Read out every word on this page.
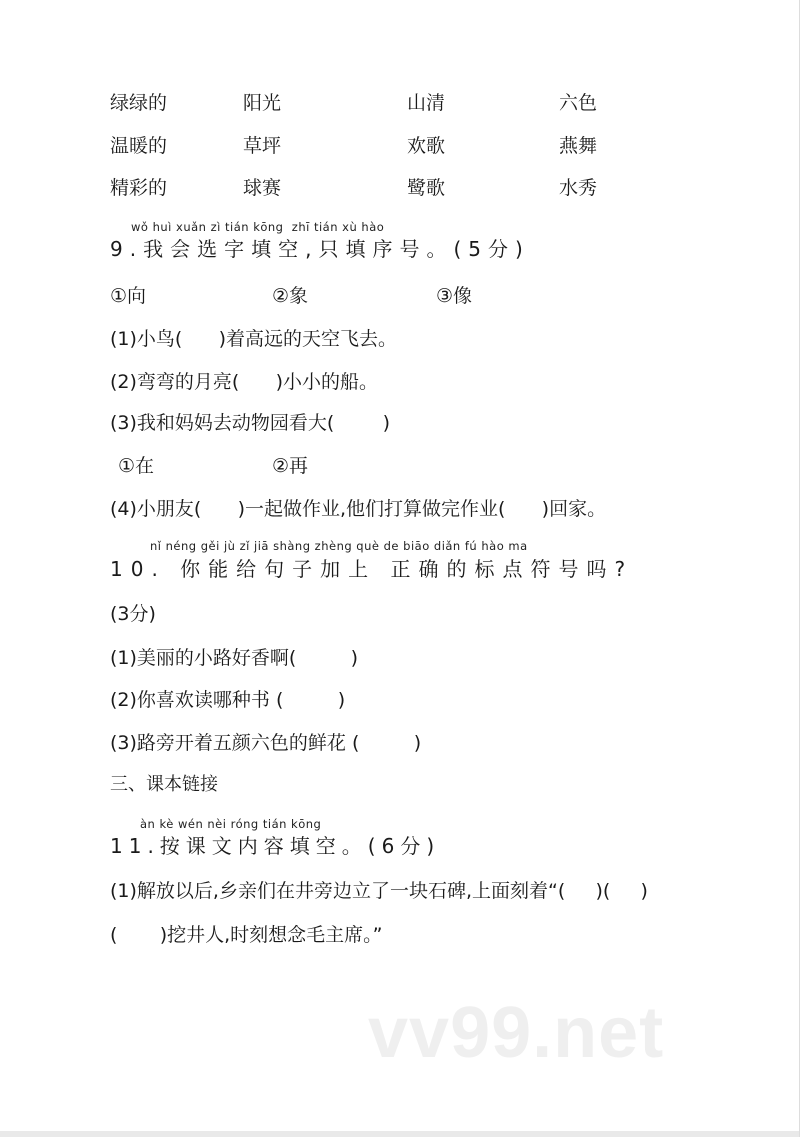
绿绿的	阳光	山清	六色
温暖的	草坪	欢歌	燕舞
精彩的	球赛	鹭歌	水秀
wǒ huì xuǎn zì tián kōng  zhī tián xù hào
9.我会选字填空,只填序号。(5分)
①向	②象	③像
(1)小鸟(      )着高远的天空飞去。
(2)弯弯的月亮(      )小小的船。
(3)我和妈妈去动物园看大(        )
①在	②再
(4)小朋友(      )一起做作业,他们打算做完作业(      )回家。
nǐ néng gěi jù zǐ jiā shàng zhèng què de biāo diǎn fú hào ma
10. 你能给句子加上 正确的标点符号吗?
(3分)
(1)美丽的小路好香啊(         )
(2)你喜欢读哪种书 (         )
(3)路旁开着五颜六色的鲜花 (         )
三、课本链接
àn kè wén nèi róng tián kōng
11.按课文内容填空。(6分)
(1)解放以后,乡亲们在井旁边立了一块石碑,上面刻着“(     )(     )
(       )挖井人,时刻想念毛主席。”
vv99.net
